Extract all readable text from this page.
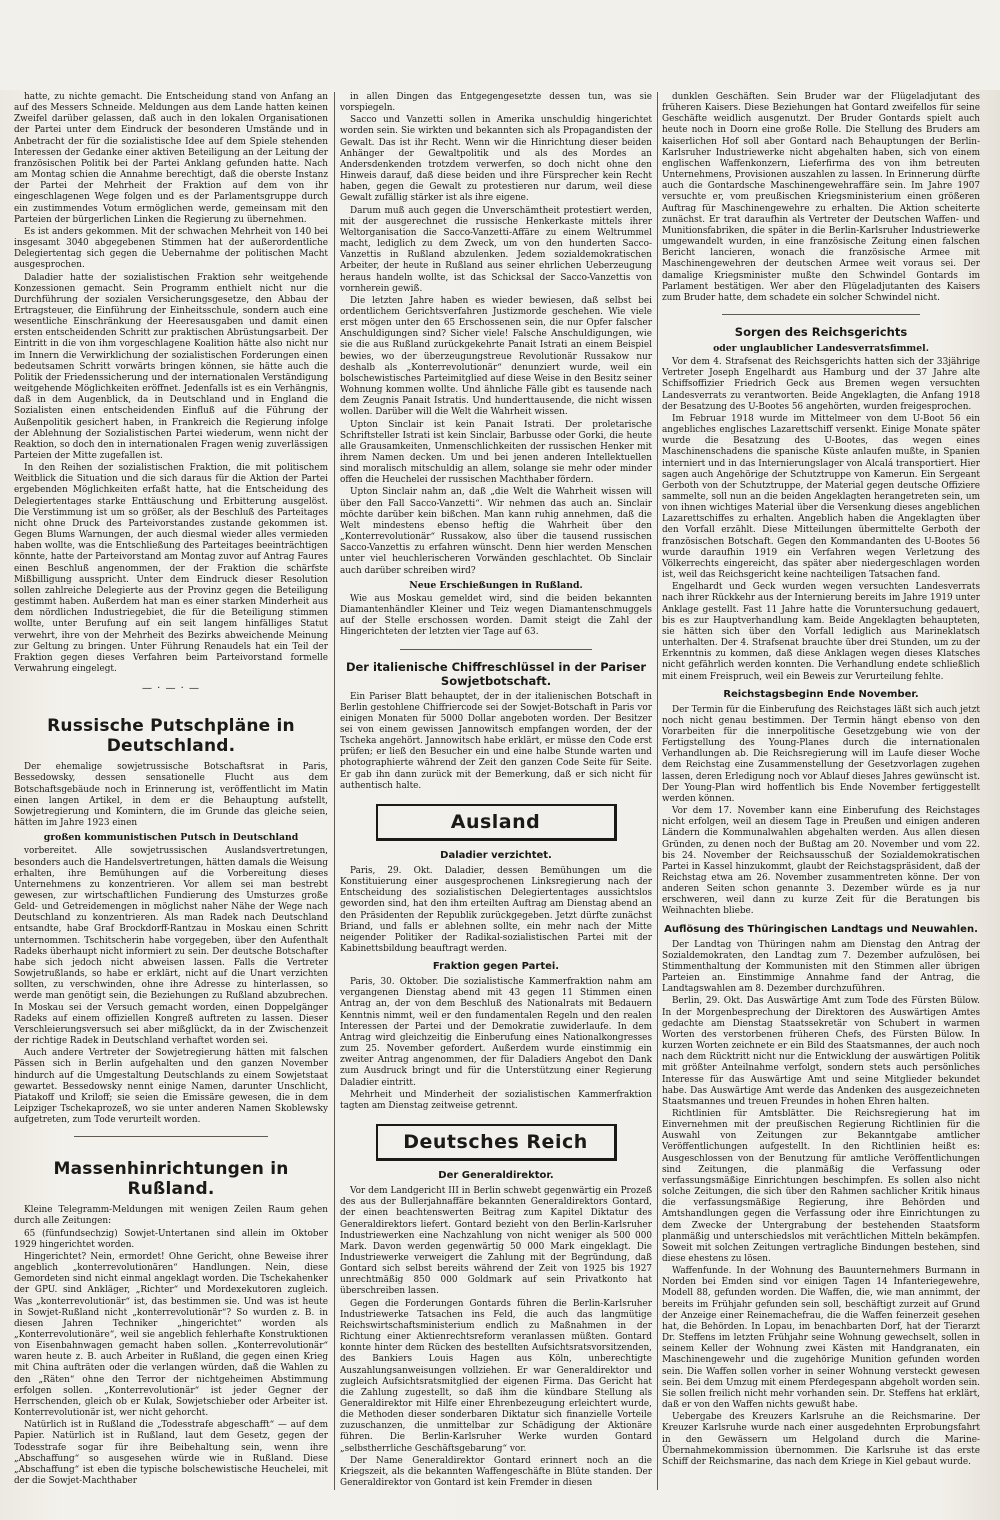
hatte, zu nichte gemacht. Die Entscheidung stand von Anfang an auf des Messers Schneide. Meldungen aus dem Lande hatten keinen Zweifel darüber gelassen, daß auch in den lokalen Organisationen der Partei unter dem Eindruck der besonderen Umstände und in Anbetracht der für die sozialistische Idee auf dem Spiele stehenden Interessen der Gedanke einer aktiven Beteiligung an der Leitung der französischen Politik bei der Partei Anklang gefunden hatte. Nach am Montag schien die Annahme berechtigt, daß die oberste Instanz der Partei der Mehrheit der Fraktion auf dem von ihr eingeschlagenen Wege folgen und es der Parlamentsgruppe durch ein zustimmendes Votum ermöglichen werde, gemeinsam mit den Parteien der bürgerlichen Linken die Regierung zu übernehmen.

Es ist anders gekommen. Mit der schwachen Mehrheit von 140 bei insgesamt 3040 abgegebenen Stimmen hat der außerordentliche Delegiertentag sich gegen die Uebernahme der politischen Macht ausgesprochen.

Daladier hatte der sozialistischen Fraktion sehr weitgehende Konzessionen gemacht. Sein Programm enthielt nicht nur die Durchführung der sozialen Versicherungsgesetze, den Abbau der Ertragsteuer, die Einführung der Einheitsschule, sondern auch eine wesentliche Einschränkung der Heeresausgaben und damit einen ersten entscheidenden Schritt zur praktischen Abrüstungsarbeit. Der Eintritt in die von ihm vorgeschlagene Koalition hätte also nicht nur im Innern die Verwirklichung der sozialistischen Forderungen einen bedeutsamen Schritt vorwärts bringen können, sie hätte auch die Politik der Friedenssicherung und der internationalen Verständigung weitgehende Möglichkeiten eröffnet. Jedenfalls ist es ein Verhängnis, daß in dem Augenblick, da in Deutschland und in England die Sozialisten einen entscheidenden Einfluß auf die Führung der Außenpolitik gesichert haben, in Frankreich die Regierung infolge der Ablehnung der Sozialistischen Partei wiederum, wenn nicht der Reaktion, so doch den in internationalen Fragen wenig zuverlässigen Parteien der Mitte zugefallen ist.

In den Reihen der sozialistischen Fraktion, die mit politischem Weitblick die Situation und die sich daraus für die Aktion der Partei ergebenden Möglichkeiten erfaßt hatte, hat die Entscheidung des Delegiertentages starke Enttäuschung und Erbitterung ausgelöst. Die Verstimmung ist um so größer, als der Beschluß des Parteitages nicht ohne Druck des Parteivorstandes zustande gekommen ist. Gegen Blums Warnungen, der auch diesmal wieder alles vermieden haben wollte, was die Entschließung des Parteitages beeinträchtigen könnte, hatte der Parteivorstand am Montag zuvor auf Antrag Faures einen Beschluß angenommen, der der Fraktion die schärfste Mißbilligung ausspricht. Unter dem Eindruck dieser Resolution sollen zahlreiche Delegierte aus der Provinz gegen die Beteiligung gestimmt haben. Außerdem hat man es einer starken Minderheit aus dem nördlichen Industriegebiet, die für die Beteiligung stimmen wollte, unter Berufung auf ein seit langem hinfälliges Statut verwehrt, ihre von der Mehrheit des Bezirks abweichende Meinung zur Geltung zu bringen. Unter Führung Renaudels hat ein Teil der Fraktion gegen dieses Verfahren beim Parteivorstand formelle Verwahrung eingelegt.

— · — · —
Russische Putschpläne in Deutschland.

Der ehemalige sowjetrussische Botschaftsrat in Paris, Bessedowsky, dessen sensationelle Flucht aus dem Botschaftsgebäude noch in Erinnerung ist, veröffentlicht im Matin einen langen Artikel, in dem er die Behauptung aufstellt, Sowjetregierung und Komintern, die im Grunde das gleiche seien, hätten im Jahre 1923 einen

großen kommunistischen Putsch in Deutschland

vorbereitet. Alle sowjetrussischen Auslandsvertretungen, besonders auch die Handelsvertretungen, hätten damals die Weisung erhalten, ihre Bemühungen auf die Vorbereitung dieses Unternehmens zu konzentrieren. Vor allem sei man bestrebt gewesen, zur wirtschaftlichen Fundierung des Umsturzes große Geld- und Getreidemengen in möglichst naher Nähe der Wege nach Deutschland zu konzentrieren. Als man Radek nach Deutschland entsandte, habe Graf Brockdorff-Rantzau in Moskau einen Schritt unternommen. Tschitscherin habe vorgegeben, über den Aufenthalt Radeks überhaupt nicht informiert zu sein. Der deutsche Botschafter habe sich jedoch nicht abweisen lassen. Falls die Vertreter Sowjetrußlands, so habe er erklärt, nicht auf die Unart verzichten sollten, zu verschwinden, ohne ihre Adresse zu hinterlassen, so werde man genötigt sein, die Beziehungen zu Rußland abzubrechen. In Moskau sei der Versuch gemacht worden, einen Doppelgänger Radeks auf einem offiziellen Kongreß auftreten zu lassen. Dieser Verschleierungsversuch sei aber mißglückt, da in der Zwischenzeit der richtige Radek in Deutschland verhaftet worden sei.

Auch andere Vertreter der Sowjetregierung hätten mit falschen Pässen sich in Berlin aufgehalten und den ganzen November hindurch auf die Umgestaltung Deutschlands zu einem Sowjetstaat gewartet. Bessedowsky nennt einige Namen, darunter Unschlicht, Piatakoff und Kriloff; sie seien die Emissäre gewesen, die in dem Leipziger Tschekaprozeß, wo sie unter anderen Namen Skoblewsky aufgetreten, zum Tode verurteilt worden.

Massenhinrichtungen in Rußland.

Kleine Telegramm-Meldungen mit wenigen Zeilen Raum gehen durch alle Zeitungen:

65 (fünfundsechzig) Sowjet-Untertanen sind allein im Oktober 1929 hingerichtet worden.

Hingerichtet? Nein, ermordet! Ohne Gericht, ohne Beweise ihrer angeblich „konterrevolutionären“ Handlungen. Nein, diese Gemordeten sind nicht einmal angeklagt worden. Die Tschekahenker der GPU. sind Ankläger, „Richter“ und Mordexekutoren zugleich. Was „konterrevolutionär“ ist, das bestimmen sie. Und was ist heute in Sowjet-Rußland nicht „konterrevolutionär“? So wurden z. B. in diesen Jahren Techniker „hingerichtet“ worden als „Konterrevolutionäre“, weil sie angeblich fehlerhafte Konstruktionen von Eisenbahnwagen gemacht haben sollen. „Konterrevolutionär“ waren heute z. B. auch Arbeiter in Rußland, die gegen einen Krieg mit China aufträten oder die verlangen würden, daß die Wahlen zu den „Räten“ ohne den Terror der nichtgeheimen Abstimmung erfolgen sollen. „Konterrevolutionär“ ist jeder Gegner der Herrschenden, gleich ob er Kulak, Sowjetschieber oder Arbeiter ist. Konterrevolutionär ist, wer nicht gehorcht.

Natürlich ist in Rußland die „Todesstrafe abgeschafft“ — auf dem Papier. Natürlich ist in Rußland, laut dem Gesetz, gegen der Todesstrafe sogar für ihre Beibehaltung sein, wenn ihre „Abschaffung“ so ausgesehen würde wie in Rußland. Diese „Abschaffung“ ist eben die typische bolschewistische Heuchelei, mit der die Sowjet-Machthaber

in allen Dingen das Entgegengesetzte dessen tun, was sie vorspiegeln.

Sacco und Vanzetti sollen in Amerika unschuldig hingerichtet worden sein. Sie wirkten und bekannten sich als Propagandisten der Gewalt. Das ist ihr Recht. Wenn wir die Hinrichtung dieser beiden Anhänger der Gewaltpolitik und als des Mordes an Andersdenkenden trotzdem verwerfen, so doch nicht ohne den Hinweis darauf, daß diese beiden und ihre Fürsprecher kein Recht haben, gegen die Gewalt zu protestieren nur darum, weil diese Gewalt zufällig stärker ist als ihre eigene.

Darum muß auch gegen die Unverschämtheit protestiert werden, mit der ausgerechnet die russische Henkerkaste mittels ihrer Weltorganisation die Sacco-Vanzetti-Affäre zu einem Weltrummel macht, lediglich zu dem Zweck, um von den hunderten Sacco-Vanzettis in Rußland abzulenken. Jedem sozialdemokratischen Arbeiter, der heute in Rußland aus seiner ehrlichen Ueberzeugung heraus handeln wollte, ist das Schicksal der Sacco-Vanzettis von vornherein gewiß.

Die letzten Jahre haben es wieder bewiesen, daß selbst bei ordentlichem Gerichtsverfahren Justizmorde geschehen. Wie viele erst mögen unter den 65 Erschossenen sein, die nur Opfer falscher Anschuldigungen sind? Sicher viele! Falsche Anschuldigungen, wie sie die aus Rußland zurückgekehrte Panait Istrati an einem Beispiel bewies, wo der überzeugungstreue Revolutionär Russakow nur deshalb als „Konterrevolutionär“ denunziert wurde, weil ein bolschewistisches Parteimitglied auf diese Weise in den Besitz seiner Wohnung kommen wollte. Und ähnliche Fälle gibt es tausende nach dem Zeugnis Panait Istratis. Und hunderttausende, die nicht wissen wollen. Darüber will die Welt die Wahrheit wissen.

Upton Sinclair ist kein Panait Istrati. Der proletarische Schriftsteller Istrati ist kein Sinclair, Barbusse oder Gorki, die heute alle Grausamkeiten, Unmenschlichkeiten der russischen Henker mit ihrem Namen decken. Um und bei jenen anderen Intellektuellen sind moralisch mitschuldig an allem, solange sie mehr oder minder offen die Heuchelei der russischen Machthaber fördern.

Upton Sinclair nahm an, daß „die Welt die Wahrheit wissen will über den Fall Sacco-Vanzetti“. Wir nehmen das auch an. Sinclair möchte darüber kein bißchen. Man kann ruhig annehmen, daß die Welt mindestens ebenso heftig die Wahrheit über den „Konterrevolutionär“ Russakow, also über die tausend russischen Sacco-Vanzettis zu erfahren wünscht. Denn hier werden Menschen unter viel heuchlerischeren Vorwänden geschlachtet. Ob Sinclair auch darüber schreiben wird?

Neue Erschießungen in Rußland.

Wie aus Moskau gemeldet wird, sind die beiden bekannten Diamantenhändler Kleiner und Teiz wegen Diamantenschmuggels auf der Stelle erschossen worden. Damit steigt die Zahl der Hingerichteten der letzten vier Tage auf 63.

Der italienische Chiffreschlüssel in der Pariser Sowjetbotschaft.

Ein Pariser Blatt behauptet, der in der italienischen Botschaft in Berlin gestohlene Chiffriercode sei der Sowjet-Botschaft in Paris vor einigen Monaten für 5000 Dollar angeboten worden. Der Besitzer sei von einem gewissen Jannowitsch empfangen worden, der der Tscheka angehört. Jannowitsch habe erklärt, er müsse den Code erst prüfen; er ließ den Besucher ein und eine halbe Stunde warten und photographierte während der Zeit den ganzen Code Seite für Seite. Er gab ihn dann zurück mit der Bemerkung, daß er sich nicht für authentisch halte.

Ausland
Daladier verzichtet.

Paris, 29. Okt. Daladier, dessen Bemühungen um die Konstituierung einer ausgesprochenen Linksregierung nach der Entscheidung des sozialistischen Delegiertentages aussichtslos geworden sind, hat den ihm erteilten Auftrag am Dienstag abend an den Präsidenten der Republik zurückgegeben. Jetzt dürfte zunächst Briand, und falls er ablehnen sollte, ein mehr nach der Mitte neigender Politiker der Radikal-sozialistischen Partei mit der Kabinettsbildung beauftragt werden.

Fraktion gegen Partei.

Paris, 30. Oktober. Die sozialistische Kammerfraktion nahm am vergangenen Dienstag abend mit 43 gegen 11 Stimmen einen Antrag an, der von dem Beschluß des Nationalrats mit Bedauern Kenntnis nimmt, weil er den fundamentalen Regeln und den realen Interessen der Partei und der Demokratie zuwiderlaufe. In dem Antrag wird gleichzeitig die Einberufung eines Nationalkongresses zum 25. November gefordert. Außerdem wurde einstimmig ein zweiter Antrag angenommen, der für Daladiers Angebot den Dank zum Ausdruck bringt und für die Unterstützung einer Regierung Daladier eintritt.

Mehrheit und Minderheit der sozialistischen Kammerfraktion tagten am Dienstag zeitweise getrennt.

Deutsches Reich
Der Generaldirektor.

Vor dem Landgericht III in Berlin schwebt gegenwärtig ein Prozeß des aus der Bullerjahnaffäre bekannten Generaldirektors Gontard, der einen beachtenswerten Beitrag zum Kapitel Diktatur des Generaldirektors liefert. Gontard bezieht von den Berlin-Karlsruher Industriewerken eine Nachzahlung von nicht weniger als 500 000 Mark. Davon werden gegenwärtig 50 000 Mark eingeklagt. Die Industriewerke verweigert die Zahlung mit der Begründung, daß Gontard sich selbst bereits während der Zeit von 1925 bis 1927 unrechtmäßig 850 000 Goldmark auf sein Privatkonto hat überschreiben lassen.

Gegen die Forderungen Gontards führen die Berlin-Karlsruher Industriewerke Tatsachen ins Feld, die auch das langmütige Reichswirtschaftsministerium endlich zu Maßnahmen in der Richtung einer Aktienrechtsreform veranlassen müßten. Gontard konnte hinter dem Rücken des bestellten Aufsichtsratsvorsitzenden, des Bankiers Louis Hagen aus Köln, unberechtigte Auszahlungsanweisungen vollziehen. Er war Generaldirektor und zugleich Aufsichtsratsmitglied der eigenen Firma. Das Gericht hat die Zahlung zugestellt, so daß ihm die kündbare Stellung als Generaldirektor mit Hilfe einer Ehrenbezeugung erleichtert wurde, die Methoden dieser sonderbaren Diktatur sich finanzielle Vorteile zuzuschanzen, die unmittelbar zur Schädigung der Aktionäre führen. Die Berlin-Karlsruher Werke wurden Gontard „selbstherrliche Geschäftsgebarung“ vor.

Der Name Generaldirektor Gontard erinnert noch an die Kriegszeit, als die bekannten Waffengeschäfte in Blüte standen. Der Generaldirektor von Gontard ist kein Fremder in diesen

dunklen Geschäften. Sein Bruder war der Flügeladjutant des früheren Kaisers. Diese Beziehungen hat Gontard zweifellos für seine Geschäfte weidlich ausgenutzt. Der Bruder Gontards spielt auch heute noch in Doorn eine große Rolle. Die Stellung des Bruders am kaiserlichen Hof soll aber Gontard nach Behauptungen der Berlin-Karlsruher Industriewerke nicht abgehalten haben, sich von einem englischen Waffenkonzern, Lieferfirma des von ihm betreuten Unternehmens, Provisionen auszahlen zu lassen. In Erinnerung dürfte auch die Gontardsche Maschinengewehraffäre sein. Im Jahre 1907 versuchte er, vom preußischen Kriegsministerium einen größeren Auftrag für Maschinengewehre zu erhalten. Die Aktion scheiterte zunächst. Er trat daraufhin als Vertreter der Deutschen Waffen- und Munitionsfabriken, die später in die Berlin-Karlsruher Industriewerke umgewandelt wurden, in eine französische Zeitung einen falschen Bericht lancieren, wonach die französische Armee mit Maschinengewehren der deutschen Armee weit voraus sei. Der damalige Kriegsminister mußte den Schwindel Gontards im Parlament bestätigen. Wer aber den Flügeladjutanten des Kaisers zum Bruder hatte, dem schadete ein solcher Schwindel nicht.

Sorgen des Reichsgerichts
oder unglaublicher Landesverratsfimmel.

Vor dem 4. Strafsenat des Reichsgerichts hatten sich der 33jährige Vertreter Joseph Engelhardt aus Hamburg und der 37 Jahre alte Schiffsoffizier Friedrich Geck aus Bremen wegen versuchten Landesverrats zu verantworten. Beide Angeklagten, die Anfang 1918 der Besatzung des U-Bootes 56 angehörten, wurden freigesprochen.

Im Februar 1918 wurde im Mittelmeer von dem U-Boot 56 ein angebliches englisches Lazarettschiff versenkt. Einige Monate später wurde die Besatzung des U-Bootes, das wegen eines Maschinenschadens die spanische Küste anlaufen mußte, in Spanien interniert und in das Internierungslager von Alcalá transportiert. Hier sagen auch Angehörige der Schutztruppe von Kamerun. Ein Sergeant Gerboth von der Schutztruppe, der Material gegen deutsche Offiziere sammelte, soll nun an die beiden Angeklagten herangetreten sein, um von ihnen wichtiges Material über die Versenkung dieses angeblichen Lazarettschiffes zu erhalten. Angeblich haben die Angeklagten über den Vorfall erzählt. Diese Mitteilungen übermittelte Gerboth der französischen Botschaft. Gegen den Kommandanten des U-Bootes 56 wurde daraufhin 1919 ein Verfahren wegen Verletzung des Völkerrechts eingereicht, das später aber niedergeschlagen worden ist, weil das Reichsgericht keine nachteiligen Tatsachen fand.

Engelhardt und Geck wurden wegen versuchten Landesverrats nach ihrer Rückkehr aus der Internierung bereits im Jahre 1919 unter Anklage gestellt. Fast 11 Jahre hatte die Voruntersuchung gedauert, bis es zur Hauptverhandlung kam. Beide Angeklagten behaupteten, sie hätten sich über den Vorfall lediglich aus Marineklatsch unterhalten. Der 4. Strafsenat brauchte über drei Stunden, um zu der Erkenntnis zu kommen, daß diese Anklagen wegen dieses Klatsches nicht gefährlich werden konnten. Die Verhandlung endete schließlich mit einem Freispruch, weil ein Beweis zur Verurteilung fehlte.

Reichstagsbeginn Ende November.

Der Termin für die Einberufung des Reichstages läßt sich auch jetzt noch nicht genau bestimmen. Der Termin hängt ebenso von den Vorarbeiten für die innerpolitische Gesetzgebung wie von der Fertigstellung des Young-Planes durch die internationalen Verhandlungen ab. Die Reichsregierung will im Laufe dieser Woche dem Reichstag eine Zusammenstellung der Gesetzvorlagen zugehen lassen, deren Erledigung noch vor Ablauf dieses Jahres gewünscht ist. Der Young-Plan wird hoffentlich bis Ende November fertiggestellt werden können.

Vor dem 17. November kann eine Einberufung des Reichstages nicht erfolgen, weil an diesem Tage in Preußen und einigen anderen Ländern die Kommunalwahlen abgehalten werden. Aus allen diesen Gründen, zu denen noch der Bußtag am 20. November und vom 22. bis 24. November der Reichsausschuß der Sozialdemokratischen Partei in Kassel hinzukommt, glaubt der Reichstagspräsident, daß der Reichstag etwa am 26. November zusammentreten könne. Der von anderen Seiten schon genannte 3. Dezember würde es ja nur erschweren, weil dann zu kurze Zeit für die Beratungen bis Weihnachten bliebe.

Auflösung des Thüringischen Landtags und Neuwahlen.

Der Landtag von Thüringen nahm am Dienstag den Antrag der Sozialdemokraten, den Landtag zum 7. Dezember aufzulösen, bei Stimmenthaltung der Kommunisten mit den Stimmen aller übrigen Parteien an. Einstimmige Annahme fand der Antrag, die Landtagswahlen am 8. Dezember durchzuführen.

Berlin, 29. Okt. Das Auswärtige Amt zum Tode des Fürsten Bülow. In der Morgenbesprechung der Direktoren des Auswärtigen Amtes gedachte am Dienstag Staatssekretär von Schubert in warmen Worten des verstorbenen früheren Chefs, des Fürsten Bülow. In kurzen Worten zeichnete er ein Bild des Staatsmannes, der auch noch nach dem Rücktritt nicht nur die Entwicklung der auswärtigen Politik mit größter Anteilnahme verfolgt, sondern stets auch persönliches Interesse für das Auswärtige Amt und seine Mitglieder bekundet habe. Das Auswärtige Amt werde das Andenken des ausgezeichneten Staatsmannes und treuen Freundes in hohen Ehren halten.

Richtlinien für Amtsblätter. Die Reichsregierung hat im Einvernehmen mit der preußischen Regierung Richtlinien für die Auswahl von Zeitungen zur Bekanntgabe amtlicher Veröffentlichungen aufgestellt. In den Richtlinien heißt es: Ausgeschlossen von der Benutzung für amtliche Veröffentlichungen sind Zeitungen, die planmäßig die Verfassung oder verfassungsmäßige Einrichtungen beschimpfen. Es sollen also nicht solche Zeitungen, die sich über den Rahmen sachlicher Kritik hinaus die verfassungsmäßige Regierung, ihre Behörden und Amtshandlungen gegen die Verfassung oder ihre Einrichtungen zu dem Zwecke der Untergrabung der bestehenden Staatsform planmäßig und unterschiedslos mit verächtlichen Mitteln bekämpfen. Soweit mit solchen Zeitungen vertragliche Bindungen bestehen, sind diese ehestens zu lösen.

Waffenfunde. In der Wohnung des Bauunternehmers Burmann in Norden bei Emden sind vor einigen Tagen 14 Infanteriegewehre, Modell 88, gefunden worden. Die Waffen, die, wie man annimmt, der bereits im Frühjahr gefunden sein soll, beschäftigt zurzeit auf Grund der Anzeige einer Reinemachefrau, die die Waffen feinerzeit gesehen hat, die Behörden. In Lopau, im benachbarten Dorf, hat der Tierarzt Dr. Steffens im letzten Frühjahr seine Wohnung gewechselt, sollen in seinem Keller der Wohnung zwei Kästen mit Handgranaten, ein Maschinengewehr und die zugehörige Munition gefunden worden sein. Die Waffen sollen vorher in seiner Wohnung versteckt gewesen sein. Bei dem Umzug mit einem Pferdegespann abgeholt worden sein. Sie sollen freilich nicht mehr vorhanden sein. Dr. Steffens hat erklärt, daß er von den Waffen nichts gewußt habe.

Uebergabe des Kreuzers Karlsruhe an die Reichsmarine. Der Kreuzer Karlsruhe wurde nach einer ausgedehnten Erprobungsfahrt in den Gewässern um Helgoland durch die Marine-Übernahmekommission übernommen. Die Karlsruhe ist das erste Schiff der Reichsmarine, das nach dem Kriege in Kiel gebaut wurde.
